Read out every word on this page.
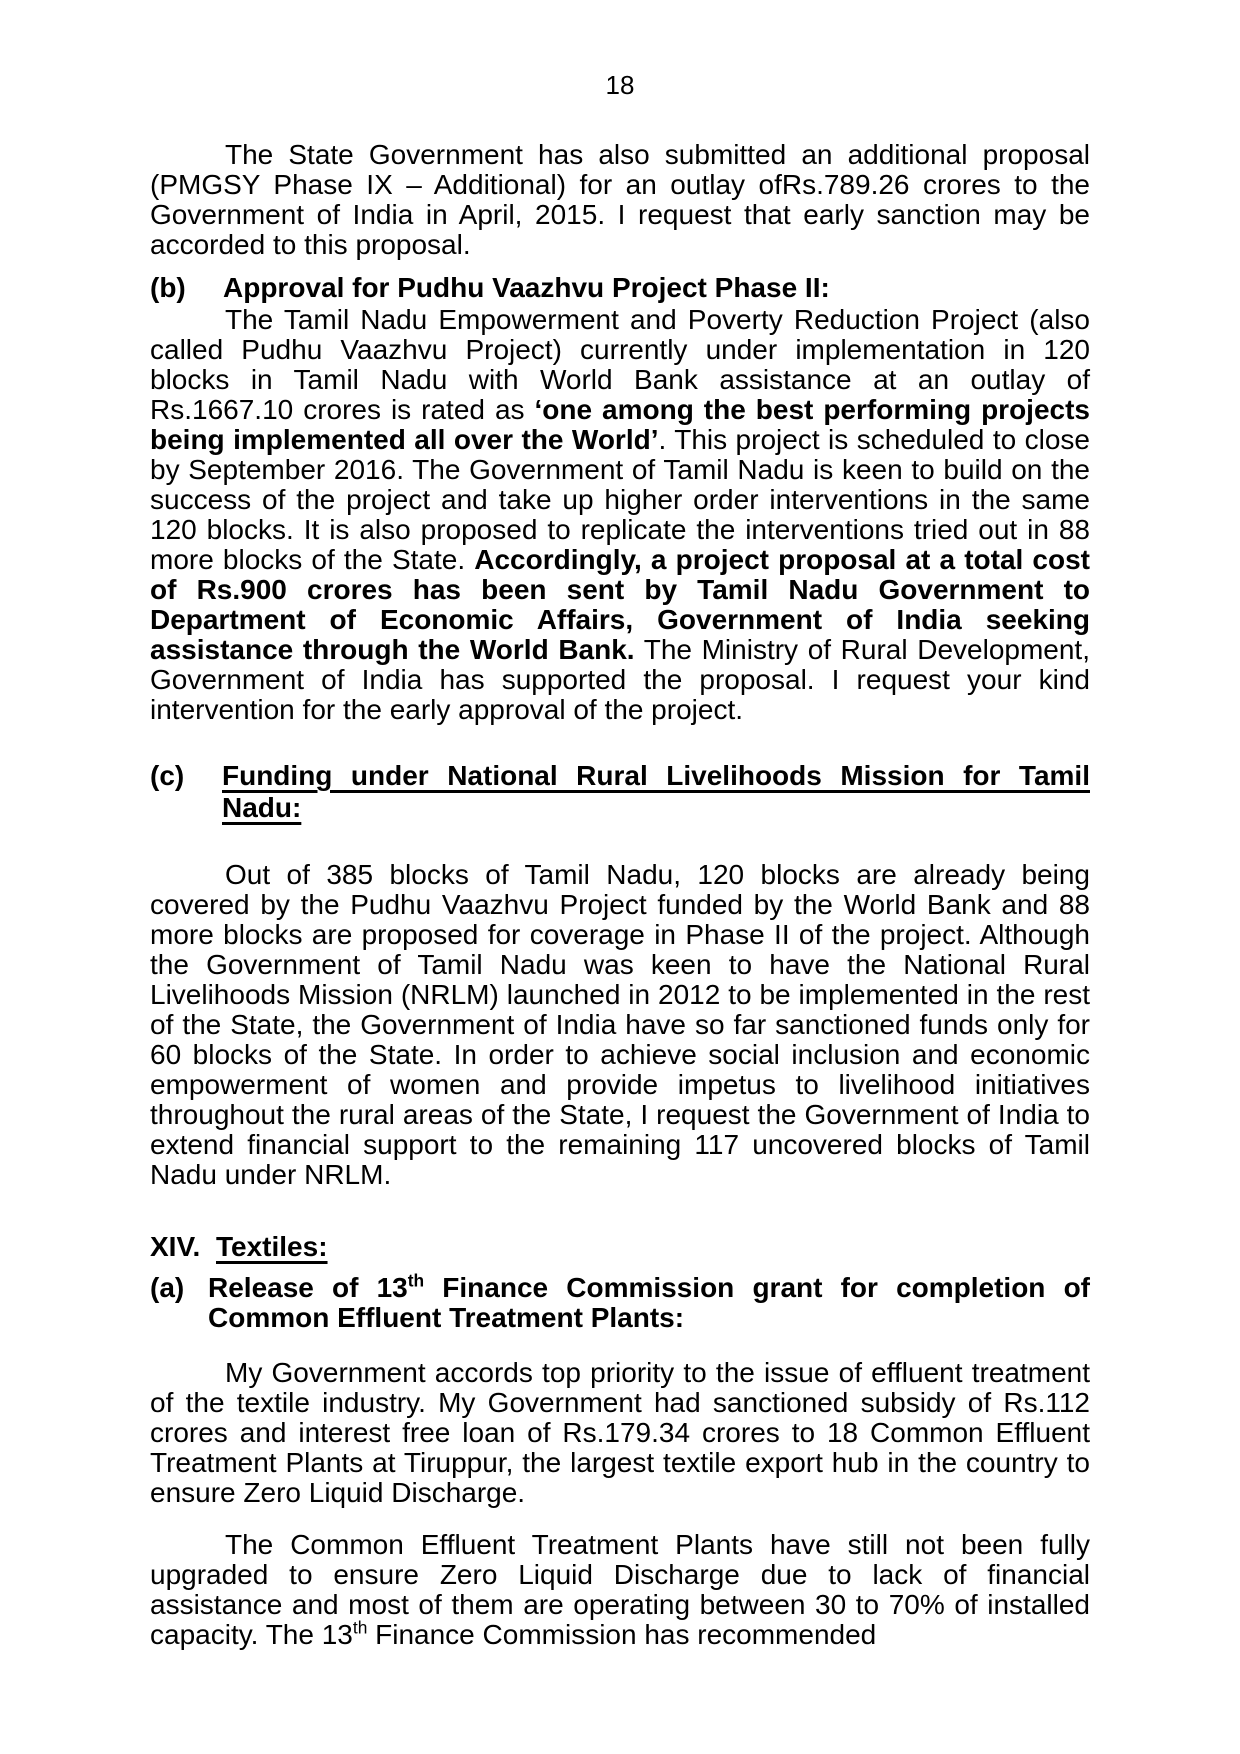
18

The State Government has also submitted an additional proposal (PMGSY Phase IX – Additional) for an outlay ofRs.789.26 crores to the Government of India in April, 2015. I request that early sanction may be accorded to this proposal.

(b)	Approval for Pudhu Vaazhvu Project Phase II:

The Tamil Nadu Empowerment and Poverty Reduction Project (also called Pudhu Vaazhvu Project) currently under implementation in 120 blocks in Tamil Nadu with World Bank assistance at an outlay of Rs.1667.10 crores is rated as ‘one among the best performing projects being implemented all over the World’. This project is scheduled to close by September 2016. The Government of Tamil Nadu is keen to build on the success of the project and take up higher order interventions in the same 120 blocks. It is also proposed to replicate the interventions tried out in 88 more blocks of the State. Accordingly, a project proposal at a total cost of Rs.900 crores has been sent by Tamil Nadu Government to Department of Economic Affairs, Government of India seeking assistance through the World Bank. The Ministry of Rural Development, Government of India has supported the proposal. I request your kind intervention for the early approval of the project.

(c)	Funding under National Rural Livelihoods Mission for Tamil Nadu:

Out of 385 blocks of Tamil Nadu, 120 blocks are already being covered by the Pudhu Vaazhvu Project funded by the World Bank and 88 more blocks are proposed for coverage in Phase II of the project. Although the Government of Tamil Nadu was keen to have the National Rural Livelihoods Mission (NRLM) launched in 2012 to be implemented in the rest of the State, the Government of India have so far sanctioned funds only for 60 blocks of the State. In order to achieve social inclusion and economic empowerment of women and provide impetus to livelihood initiatives throughout the rural areas of the State, I request the Government of India to extend financial support to the remaining 117 uncovered blocks of Tamil Nadu under NRLM.

XIV. Textiles:
(a) Release of 13th Finance Commission grant for completion of Common Effluent Treatment Plants:

My Government accords top priority to the issue of effluent treatment of the textile industry. My Government had sanctioned subsidy of Rs.112 crores and interest free loan of Rs.179.34 crores to 18 Common Effluent Treatment Plants at Tiruppur, the largest textile export hub in the country to ensure Zero Liquid Discharge.

The Common Effluent Treatment Plants have still not been fully upgraded to ensure Zero Liquid Discharge due to lack of financial assistance and most of them are operating between 30 to 70% of installed capacity. The 13th Finance Commission has recommended
